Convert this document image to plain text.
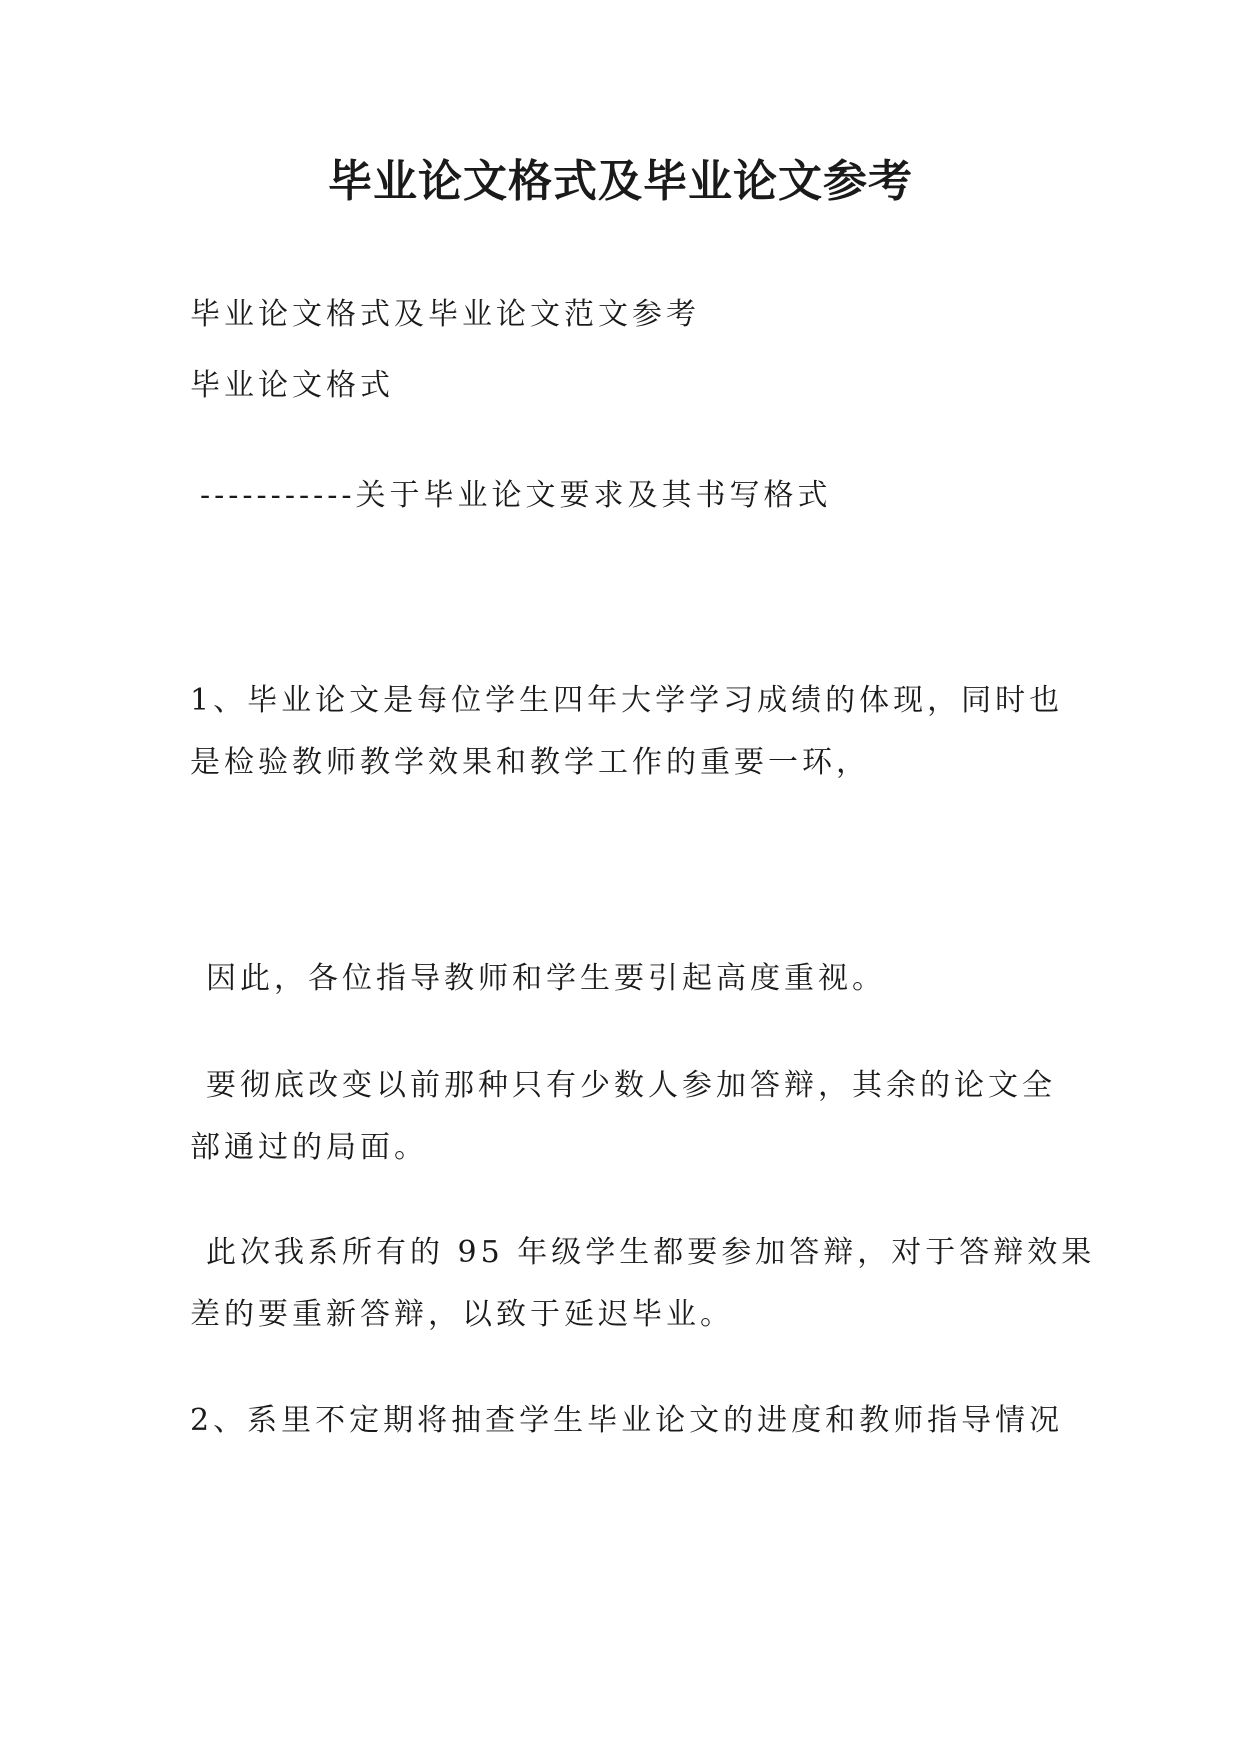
毕业论文格式及毕业论文参考
毕业论文格式及毕业论文范文参考
毕业论文格式
-----------关于毕业论文要求及其书写格式
1、毕业论文是每位学生四年大学学习成绩的体现，同时也
是检验教师教学效果和教学工作的重要一环，
因此，各位指导教师和学生要引起高度重视。
要彻底改变以前那种只有少数人参加答辩，其余的论文全
部通过的局面。
此次我系所有的 95 年级学生都要参加答辩，对于答辩效果
差的要重新答辩，以致于延迟毕业。
2、系里不定期将抽查学生毕业论文的进度和教师指导情况
